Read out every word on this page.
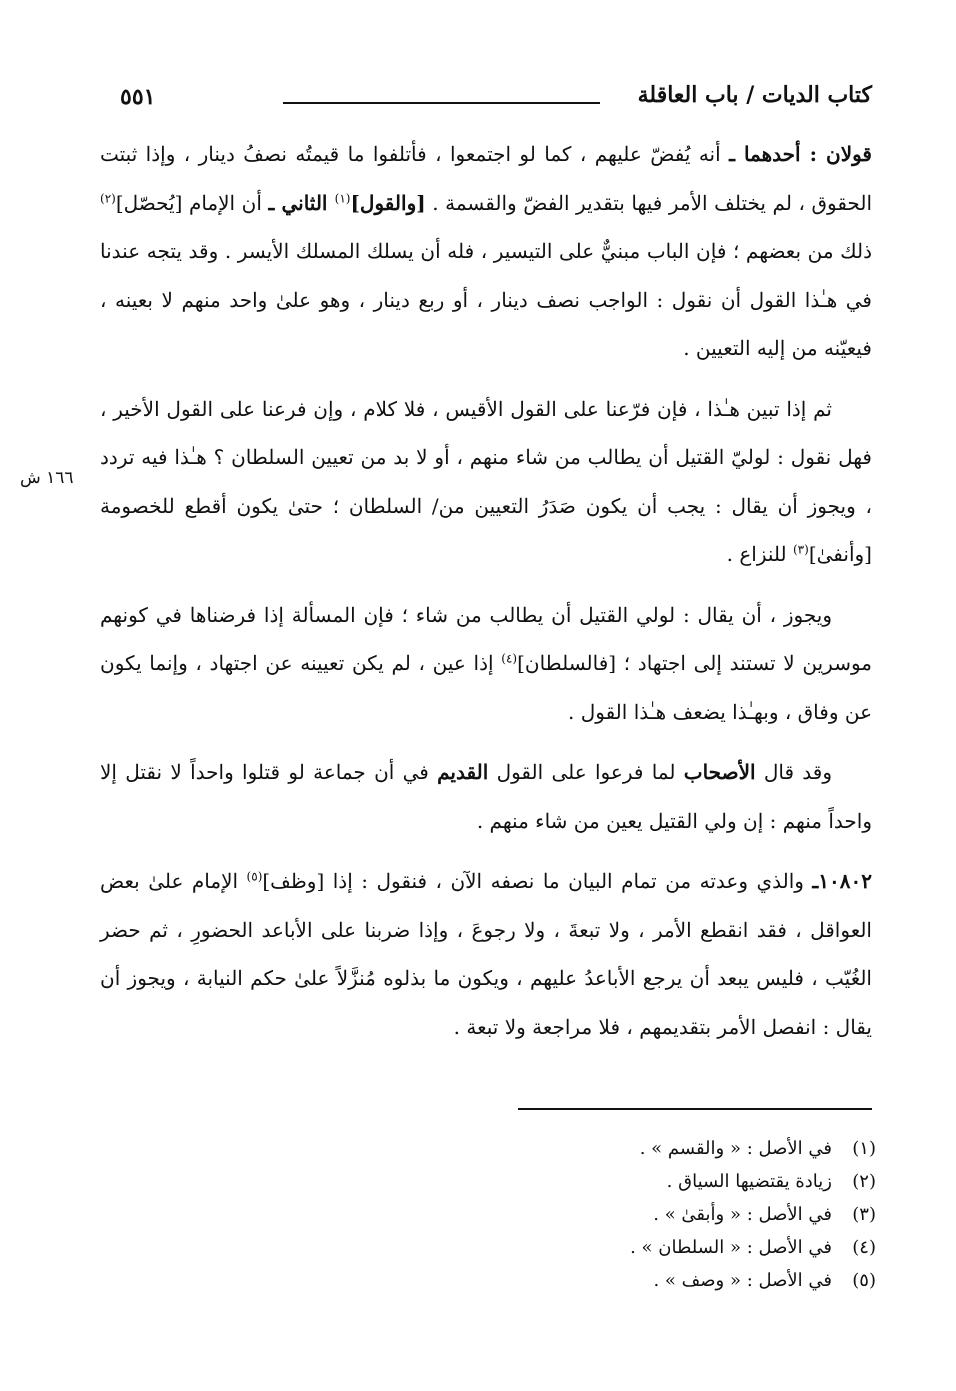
٥٥١	كتاب الديات / باب العاقلة
١٦٦ ش

قولان : أحدهما ـ أنه يُفضّ عليهم ، كما لو اجتمعوا ، فأتلفوا ما قيمتُه نصفُ دينار ، وإذا ثبتت الحقوق ، لم يختلف الأمر فيها بتقدير الفضّ والقسمة . [والقول]$^{(١)}$ الثاني ـ أن الإمام [يُحصّل]$^{(٢)}$ ذلك من بعضهم ؛ فإن الباب مبنيٌّ على التيسير ، فله أن يسلك المسلك الأيسر . وقد يتجه عندنا في هـٰذا القول أن نقول : الواجب نصف دينار ، أو ربع دينار ، وهو علىٰ واحد منهم لا بعينه ، فيعيّنه من إليه التعيين .

ثم إذا تبين هـٰذا ، فإن فرّعنا على القول الأقيس ، فلا كلام ، وإن فرعنا على القول الأخير ، فهل نقول : لوليّ القتيل أن يطالب من شاء منهم ، أو لا بد من تعيين السلطان ؟ هـٰذا فيه تردد ، ويجوز أن يقال : يجب أن يكون صَدَرُ التعيين من/ السلطان ؛ حتىٰ يكون أقطع للخصومة [وأنفىٰ]$^{(٣)}$ للنزاع .

ويجوز ، أن يقال : لولي القتيل أن يطالب من شاء ؛ فإن المسألة إذا فرضناها في كونهم موسرين لا تستند إلى اجتهاد ؛ [فالسلطان]$^{(٤)}$ إذا عين ، لم يكن تعيينه عن اجتهاد ، وإنما يكون عن وفاق ، وبهـٰذا يضعف هـٰذا القول .

وقد قال الأصحاب لما فرعوا على القول القديم في أن جماعة لو قتلوا واحداً لا نقتل إلا واحداً منهم : إن ولي القتيل يعين من شاء منهم .

١٠٨٠٢ـ والذي وعدته من تمام البيان ما نصفه الآن ، فنقول : إذا [وظف]$^{(٥)}$ الإمام علىٰ بعض العواقل ، فقد انقطع الأمر ، ولا تبعةَ ، ولا رجوعَ ، وإذا ضربنا على الأباعد الحضورِ ، ثم حضر الغُيّب ، فليس يبعد أن يرجع الأباعدُ عليهم ، ويكون ما بذلوه مُنزَّلاً علىٰ حكم النيابة ، ويجوز أن يقال : انفصل الأمر بتقديمهم ، فلا مراجعة ولا تبعة .

(١)في الأصل : « والقسم » .
(٢)زيادة يقتضيها السياق .
(٣)في الأصل : « وأبقىٰ » .
(٤)في الأصل : « السلطان » .
(٥)في الأصل : « وصف » .
